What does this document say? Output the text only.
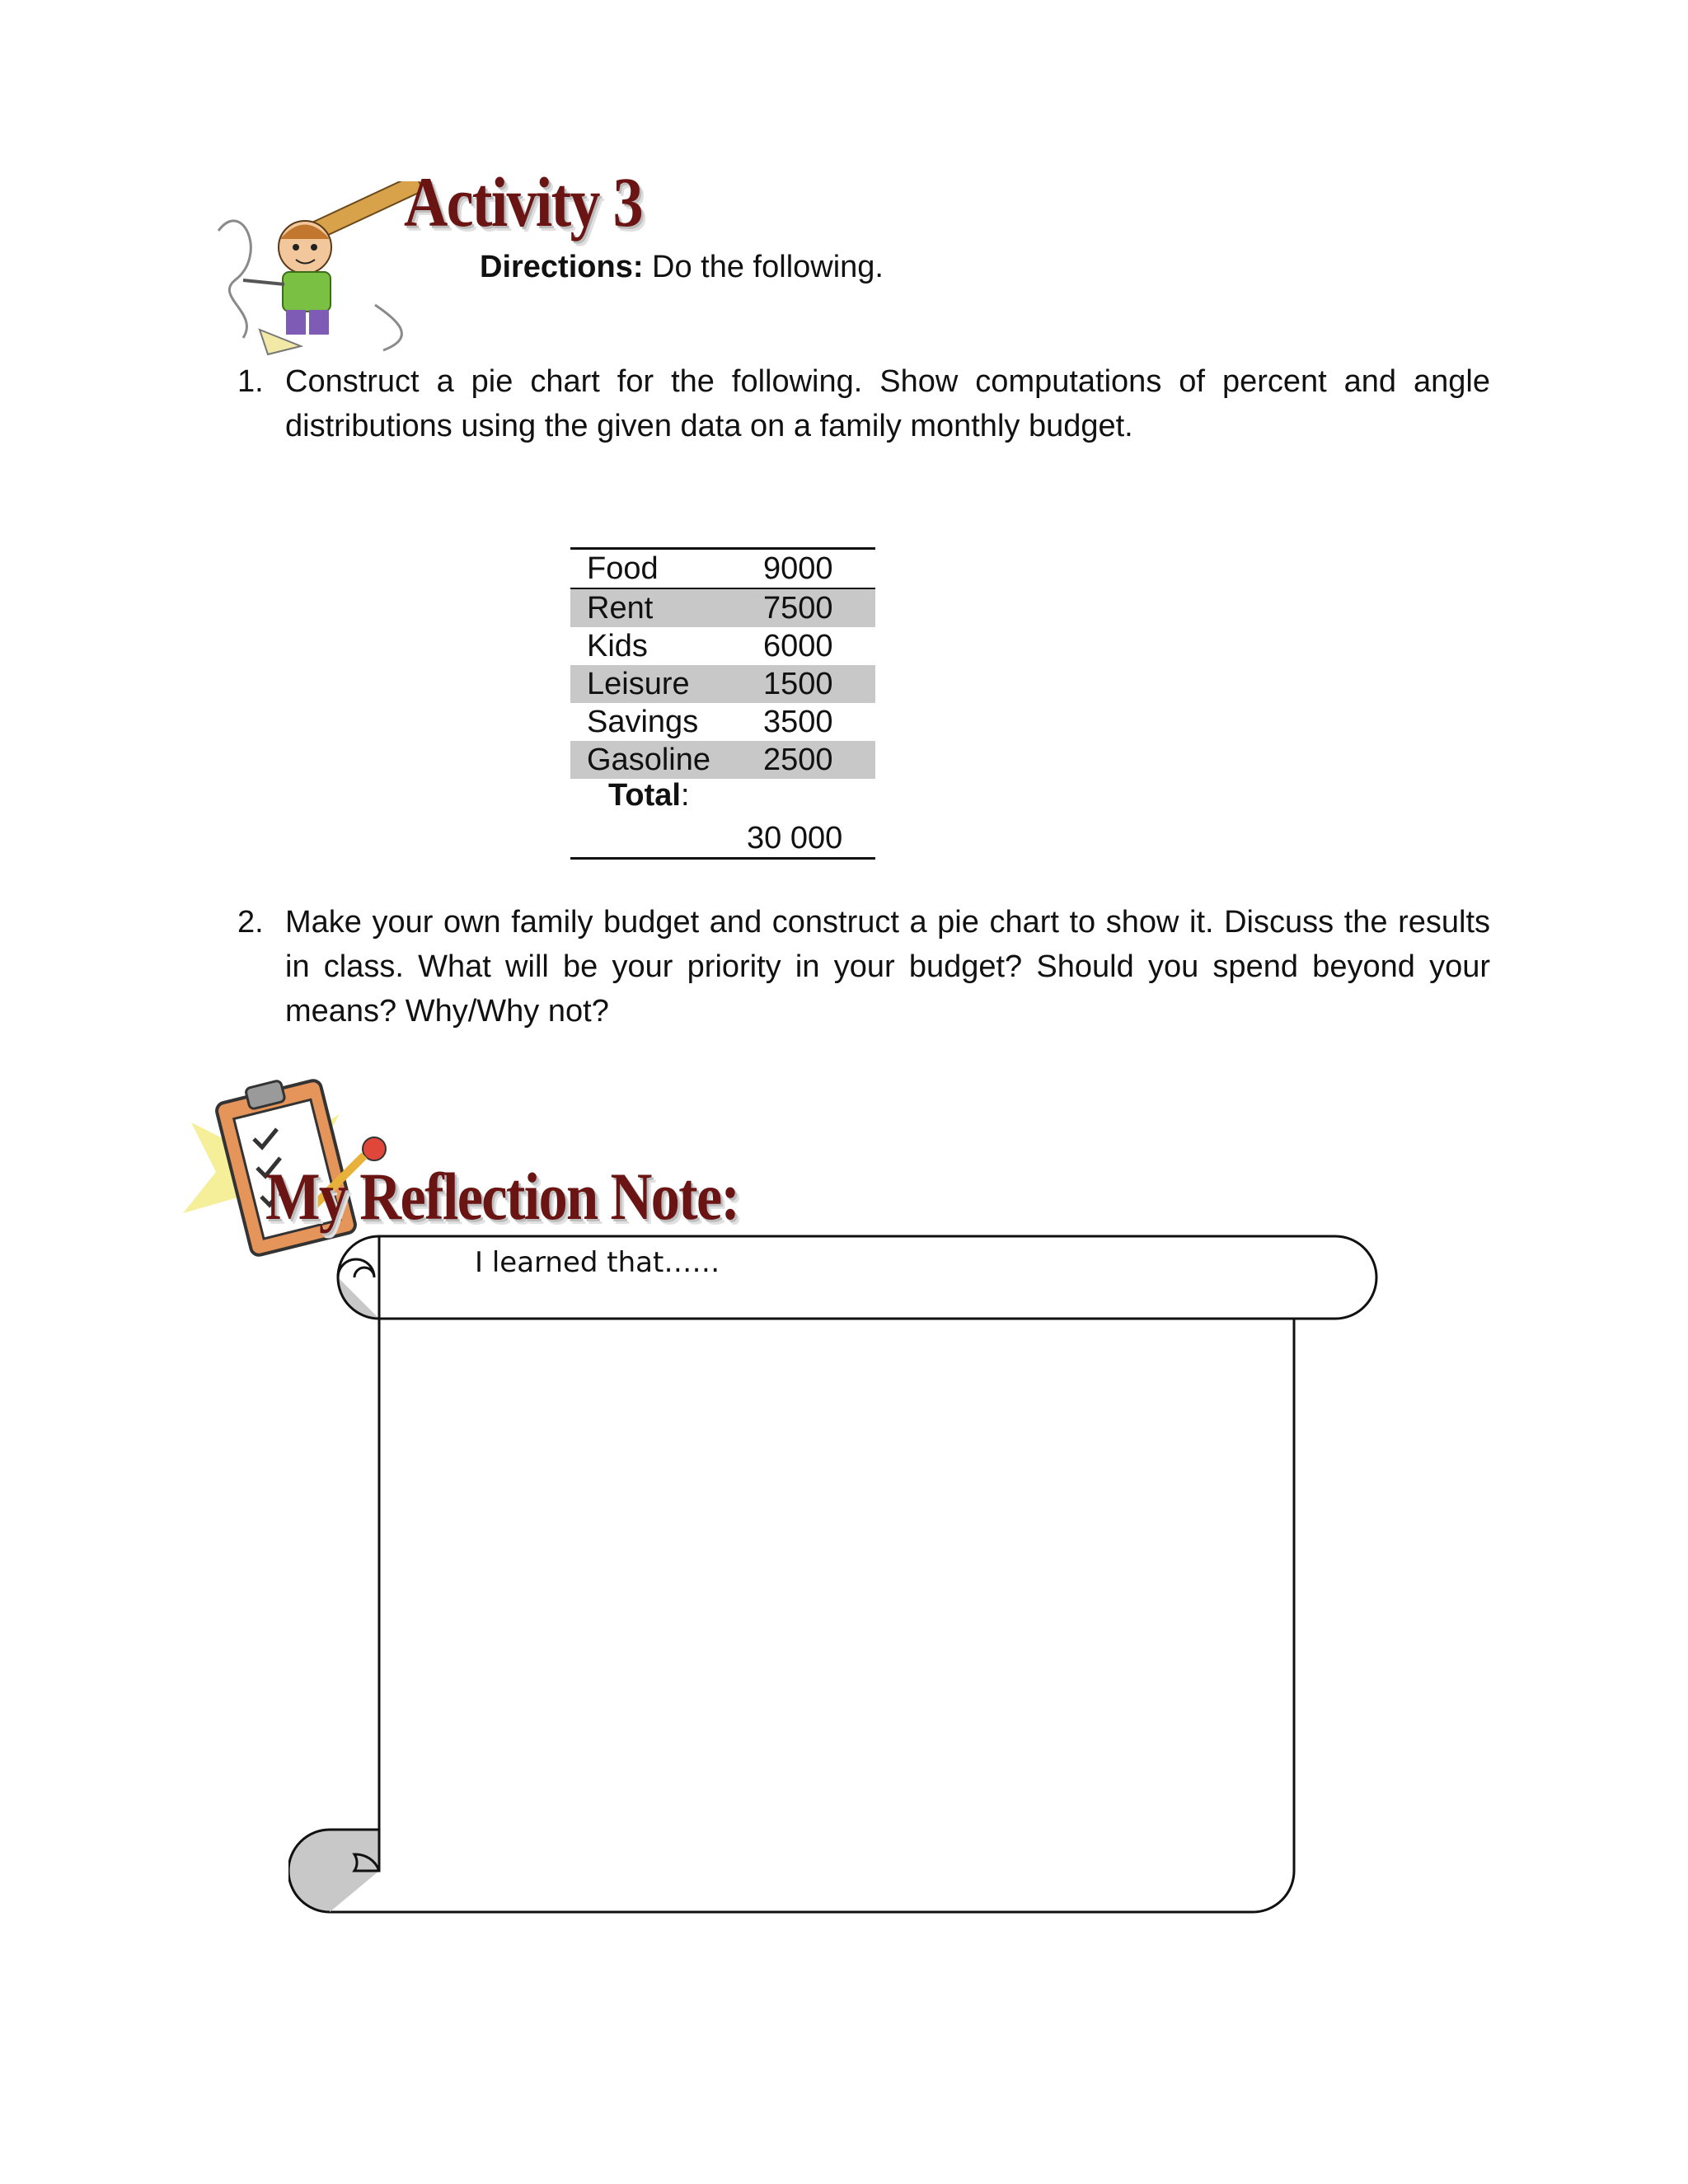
Activity 3
Directions: Do the following.
1. Construct a pie chart for the following. Show computations of percent and angle distributions using the given data on a family monthly budget.
Food	9000
Rent	7500
Kids	6000
Leisure	1500
Savings	3500
Gasoline	2500
Total:
30 000
2. Make your own family budget and construct a pie chart to show it. Discuss the results in class. What will be your priority in your budget? Should you spend beyond your means? Why/Why not?
My Reflection Note:
I learned that……
